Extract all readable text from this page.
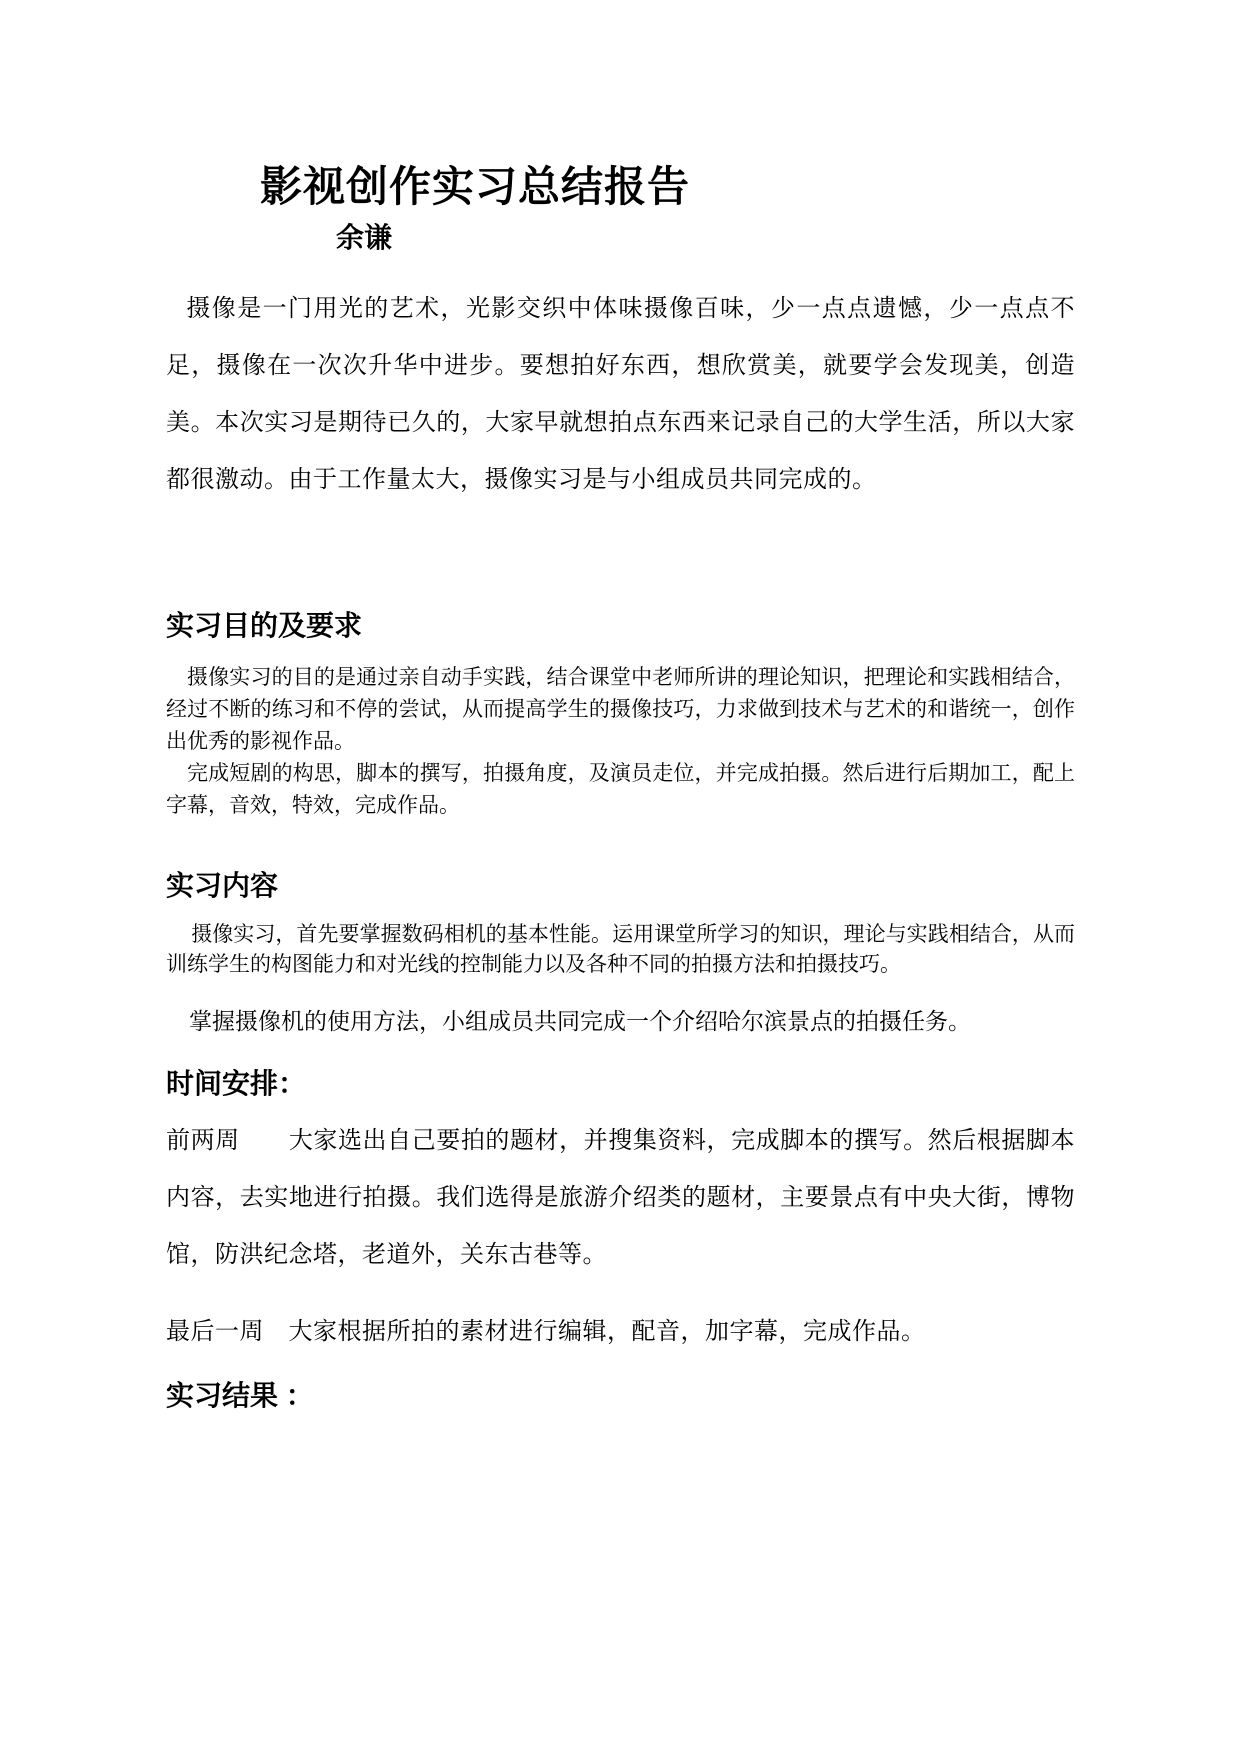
影视创作实习总结报告
余谦

摄像是一门用光的艺术，光影交织中体味摄像百味，少一点点遗憾，少一点点不足，摄像在一次次升华中进步。要想拍好东西，想欣赏美，就要学会发现美，创造美。本次实习是期待已久的，大家早就想拍点东西来记录自己的大学生活，所以大家都很激动。由于工作量太大，摄像实习是与小组成员共同完成的。

实习目的及要求

摄像实习的目的是通过亲自动手实践，结合课堂中老师所讲的理论知识，把理论和实践相结合，经过不断的练习和不停的尝试，从而提高学生的摄像技巧，力求做到技术与艺术的和谐统一，创作出优秀的影视作品。

完成短剧的构思，脚本的撰写，拍摄角度，及演员走位，并完成拍摄。然后进行后期加工，配上字幕，音效，特效，完成作品。

实习内容

摄像实习，首先要掌握数码相机的基本性能。运用课堂所学习的知识，理论与实践相结合，从而训练学生的构图能力和对光线的控制能力以及各种不同的拍摄方法和拍摄技巧。

掌握摄像机的使用方法，小组成员共同完成一个介绍哈尔滨景点的拍摄任务。

时间安排：

前两周　　大家选出自己要拍的题材，并搜集资料，完成脚本的撰写。然后根据脚本内容，去实地进行拍摄。我们选得是旅游介绍类的题材，主要景点有中央大街，博物馆，防洪纪念塔，老道外，关东古巷等。

最后一周　大家根据所拍的素材进行编辑，配音，加字幕，完成作品。

实习结果 ：
